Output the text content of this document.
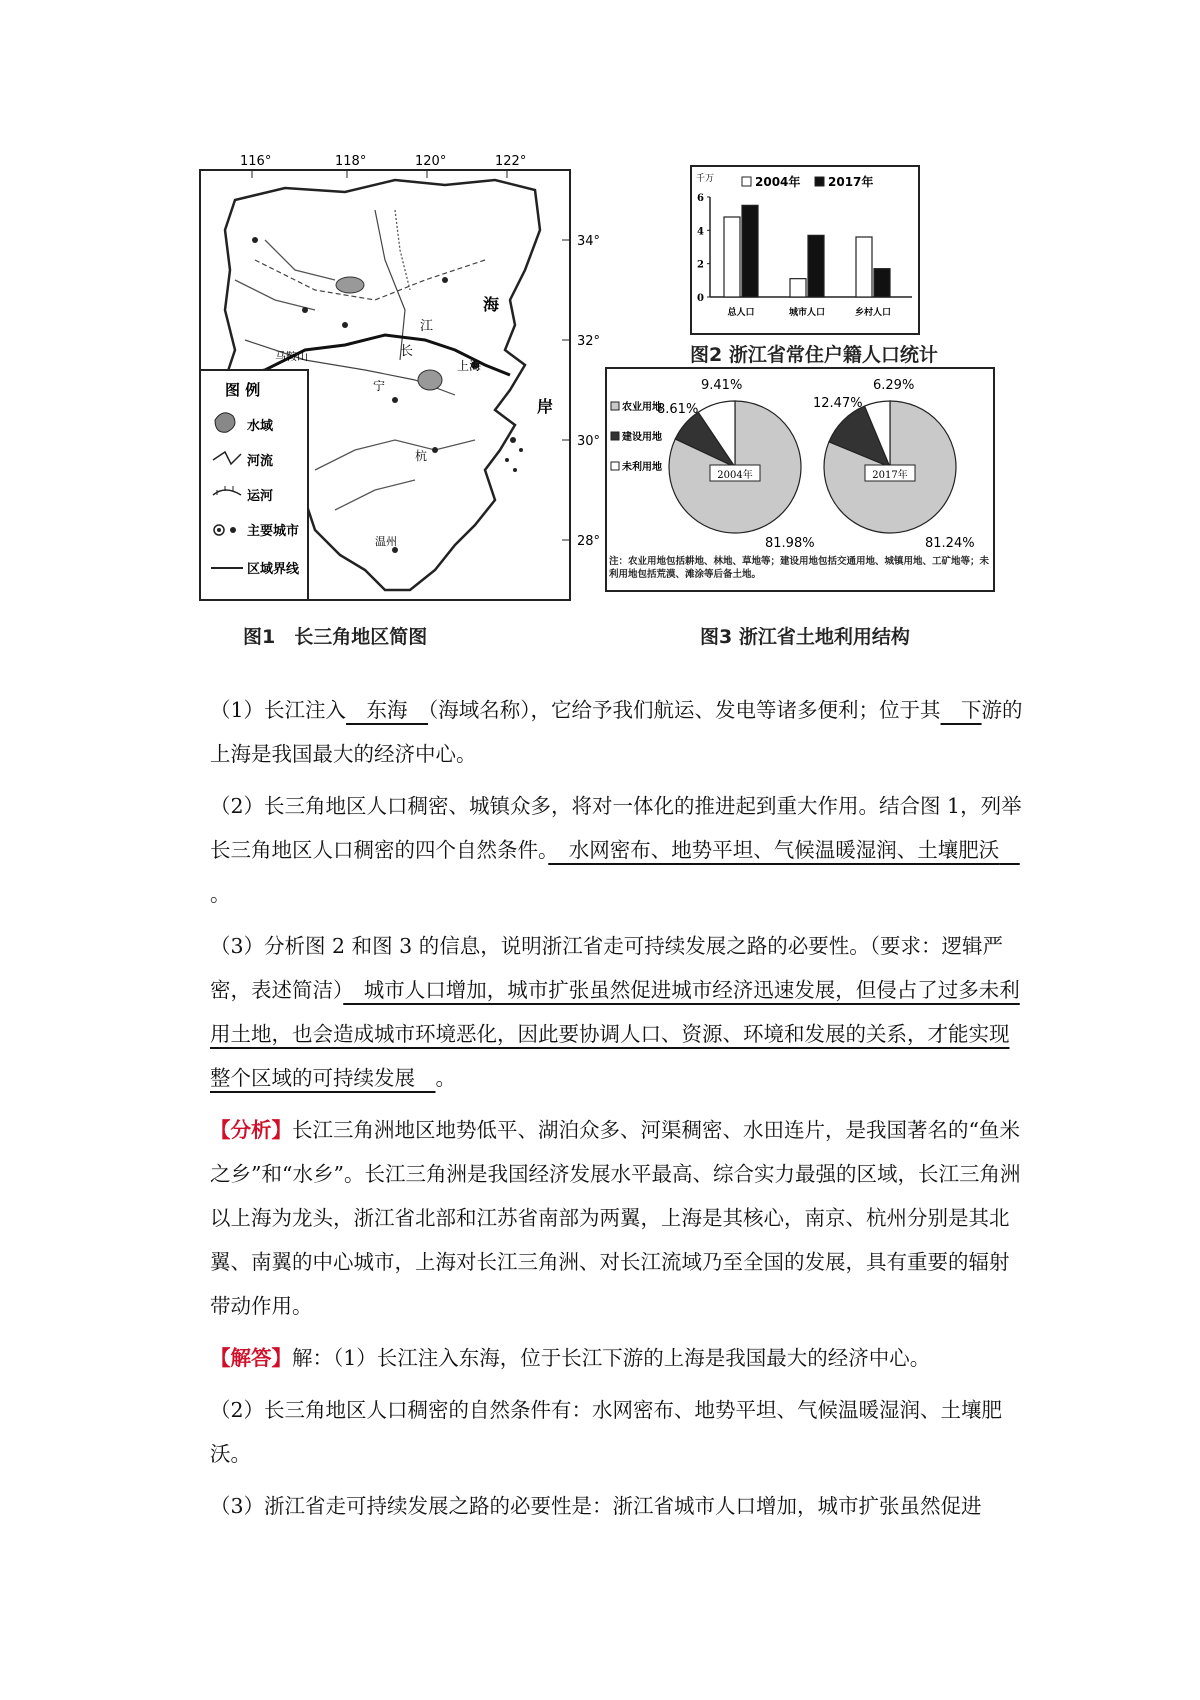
116°	118°	120°	122°
34°
32°
30°
28°
海
岸
马鞍山	长
江
上海
杭
温州
宁
图 例
水域
河流
运河
主要城市
区域界线
图1　长三角地区简图
千万	2004年 2017年
0
2
4
6
总人口	城市人口	乡村人口
图2 浙江省常住户籍人口统计
农业用地
建设用地
未利用地
2004年
81.98%
8.61%
9.41%
2017年
81.24%
12.47%
6.29%
注：农业用地包括耕地、林地、草地等；建设用地包括交通用地、城镇用地、工矿地等；未利用地包括荒漠、滩涂等后备土地。
图3 浙江省土地利用结构

（1）长江注入　东海　（海域名称），它给予我们航运、发电等诸多便利；位于其　下游的上海是我国最大的经济中心。

（2）长三角地区人口稠密、城镇众多，将对一体化的推进起到重大作用。结合图 1，列举长三角地区人口稠密的四个自然条件。　水网密布、地势平坦、气候温暖湿润、土壤肥沃　。

（3）分析图 2 和图 3 的信息，说明浙江省走可持续发展之路的必要性。（要求：逻辑严密，表述简洁）　城市人口增加，城市扩张虽然促进城市经济迅速发展，但侵占了过多未利用土地，也会造成城市环境恶化，因此要协调人口、资源、环境和发展的关系，才能实现整个区域的可持续发展　。

【分析】长江三角洲地区地势低平、湖泊众多、河渠稠密、水田连片，是我国著名的“鱼米之乡”和“水乡”。长江三角洲是我国经济发展水平最高、综合实力最强的区域，长江三角洲以上海为龙头，浙江省北部和江苏省南部为两翼，上海是其核心，南京、杭州分别是其北翼、南翼的中心城市，上海对长江三角洲、对长江流域乃至全国的发展，具有重要的辐射带动作用。

【解答】解：（1）长江注入东海，位于长江下游的上海是我国最大的经济中心。

（2）长三角地区人口稠密的自然条件有：水网密布、地势平坦、气候温暖湿润、土壤肥沃。

（3）浙江省走可持续发展之路的必要性是：浙江省城市人口增加，城市扩张虽然促进
